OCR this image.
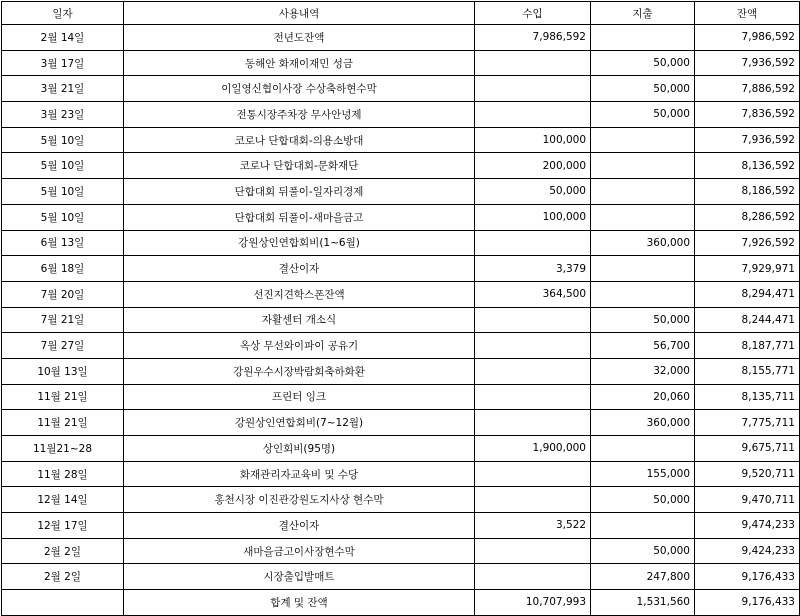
일자	사용내역	수입	지출	잔액
2월 14일	전년도잔액	7,986,592		7,986,592
3월 17일	동해안 화재이재민 성금		50,000	7,936,592
3월 21일	이일영신협이사장 수상축하현수막		50,000	7,886,592
3월 23일	전통시장주차장 무사안녕제		50,000	7,836,592
5월 10일	코로나 단합대회-의용소방대	100,000		7,936,592
5월 10일	코로나 단합대회-문화재단	200,000		8,136,592
5월 10일	단합대회 뒤풀이-일자리경제	50,000		8,186,592
5월 10일	단합대회 뒤풀이-새마을금고	100,000		8,286,592
6월 13일	강원상인연합회비(1~6월)		360,000	7,926,592
6월 18일	결산이자	3,379		7,929,971
7월 20일	선진지견학스폰잔액	364,500		8,294,471
7월 21일	자활센터 개소식		50,000	8,244,471
7월 27일	옥상 무선와이파이 공유기		56,700	8,187,771
10월 13일	강원우수시장박람회축하화환		32,000	8,155,771
11월 21일	프린터 잉크		20,060	8,135,711
11월 21일	강원상인연합회비(7~12월)		360,000	7,775,711
11월21~28	상인회비(95명)	1,900,000		9,675,711
11월 28일	화재관리자교육비 및 수당		155,000	9,520,711
12월 14일	홍천시장 이진관강원도지사상 현수막		50,000	9,470,711
12월 17일	결산이자	3,522		9,474,233
2월 2일	새마을금고이사장현수막		50,000	9,424,233
2월 2일	시장출입발매트		247,800	9,176,433
	합계 및 잔액	10,707,993	1,531,560	9,176,433
